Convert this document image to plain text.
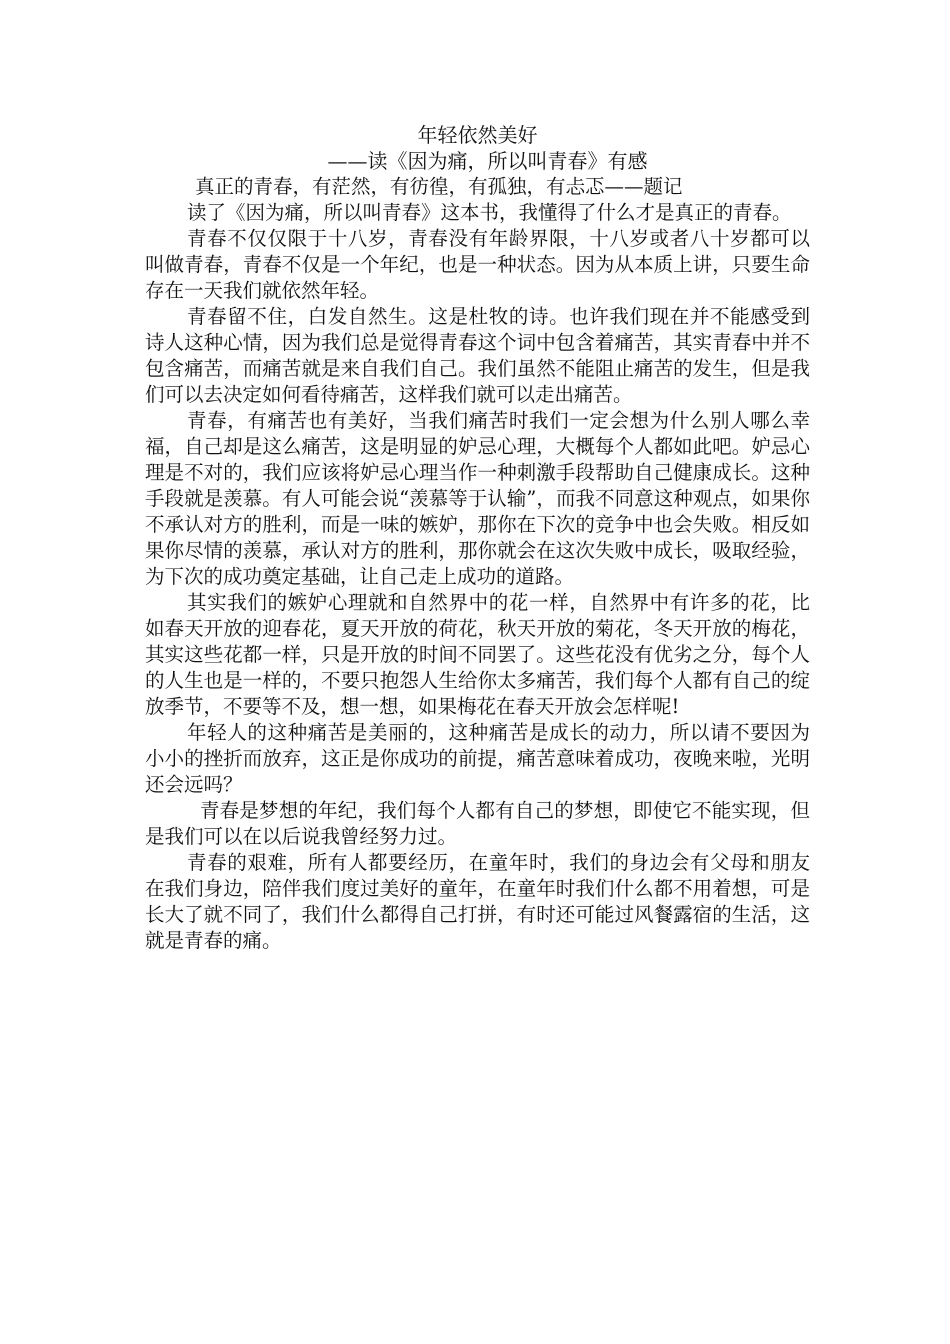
年轻依然美好
——读《因为痛，所以叫青春》有感

真正的青春，有茫然，有彷徨，有孤独，有忐忑——题记

读了《因为痛，所以叫青春》这本书，我懂得了什么才是真正的青春。

青春不仅仅限于十八岁，青春没有年龄界限，十八岁或者八十岁都可以叫做青春，青春不仅是一个年纪，也是一种状态。因为从本质上讲，只要生命存在一天我们就依然年轻。

青春留不住，白发自然生。这是杜牧的诗。也许我们现在并不能感受到诗人这种心情，因为我们总是觉得青春这个词中包含着痛苦，其实青春中并不包含痛苦，而痛苦就是来自我们自己。我们虽然不能阻止痛苦的发生，但是我们可以去决定如何看待痛苦，这样我们就可以走出痛苦。

青春，有痛苦也有美好，当我们痛苦时我们一定会想为什么别人哪么幸福，自己却是这么痛苦，这是明显的妒忌心理，大概每个人都如此吧。妒忌心理是不对的，我们应该将妒忌心理当作一种刺激手段帮助自己健康成长。这种手段就是羡慕。有人可能会说“羡慕等于认输”，而我不同意这种观点，如果你不承认对方的胜利，而是一味的嫉妒，那你在下次的竞争中也会失败。相反如果你尽情的羡慕，承认对方的胜利，那你就会在这次失败中成长，吸取经验，为下次的成功奠定基础，让自己走上成功的道路。

其实我们的嫉妒心理就和自然界中的花一样，自然界中有许多的花，比如春天开放的迎春花，夏天开放的荷花，秋天开放的菊花，冬天开放的梅花，其实这些花都一样，只是开放的时间不同罢了。这些花没有优劣之分，每个人的人生也是一样的，不要只抱怨人生给你太多痛苦，我们每个人都有自己的绽放季节，不要等不及，想一想，如果梅花在春天开放会怎样呢!

年轻人的这种痛苦是美丽的，这种痛苦是成长的动力，所以请不要因为小小的挫折而放弃，这正是你成功的前提，痛苦意味着成功，夜晚来啦，光明还会远吗？

青春是梦想的年纪，我们每个人都有自己的梦想，即使它不能实现，但是我们可以在以后说我曾经努力过。

青春的艰难，所有人都要经历，在童年时，我们的身边会有父母和朋友在我们身边，陪伴我们度过美好的童年，在童年时我们什么都不用着想，可是长大了就不同了，我们什么都得自己打拼，有时还可能过风餐露宿的生活，这就是青春的痛。
